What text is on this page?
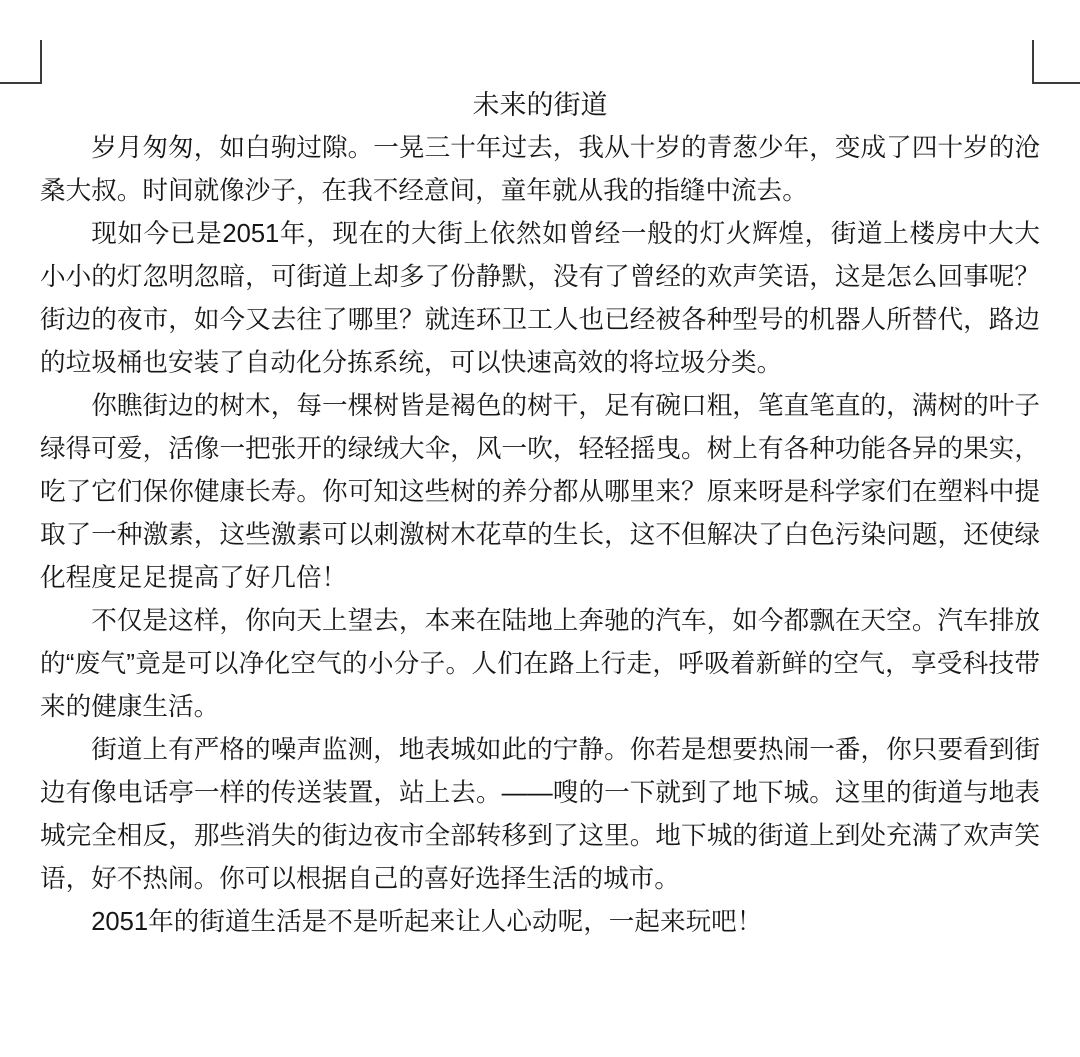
未来的街道

岁月匆匆，如白驹过隙。一晃三十年过去，我从十岁的青葱少年，变成了四十岁的沧桑大叔。时间就像沙子，在我不经意间，童年就从我的指缝中流去。

现如今已是2051年，现在的大街上依然如曾经一般的灯火辉煌，街道上楼房中大大小小的灯忽明忽暗，可街道上却多了份静默，没有了曾经的欢声笑语，这是怎么回事呢？街边的夜市，如今又去往了哪里？就连环卫工人也已经被各种型号的机器人所替代，路边的垃圾桶也安装了自动化分拣系统，可以快速高效的将垃圾分类。

你瞧街边的树木，每一棵树皆是褐色的树干，足有碗口粗，笔直笔直的，满树的叶子绿得可爱，活像一把张开的绿绒大伞，风一吹，轻轻摇曳。树上有各种功能各异的果实，吃了它们保你健康长寿。你可知这些树的养分都从哪里来？原来呀是科学家们在塑料中提取了一种激素，这些激素可以刺激树木花草的生长，这不但解决了白色污染问题，还使绿化程度足足提高了好几倍！

不仅是这样，你向天上望去，本来在陆地上奔驰的汽车，如今都飘在天空。汽车排放的“废气”竟是可以净化空气的小分子。人们在路上行走，呼吸着新鲜的空气，享受科技带来的健康生活。

街道上有严格的噪声监测，地表城如此的宁静。你若是想要热闹一番，你只要看到街边有像电话亭一样的传送装置，站上去。——嗖的一下就到了地下城。这里的街道与地表城完全相反，那些消失的街边夜市全部转移到了这里。地下城的街道上到处充满了欢声笑语，好不热闹。你可以根据自己的喜好选择生活的城市。

2051年的街道生活是不是听起来让人心动呢，一起来玩吧！
